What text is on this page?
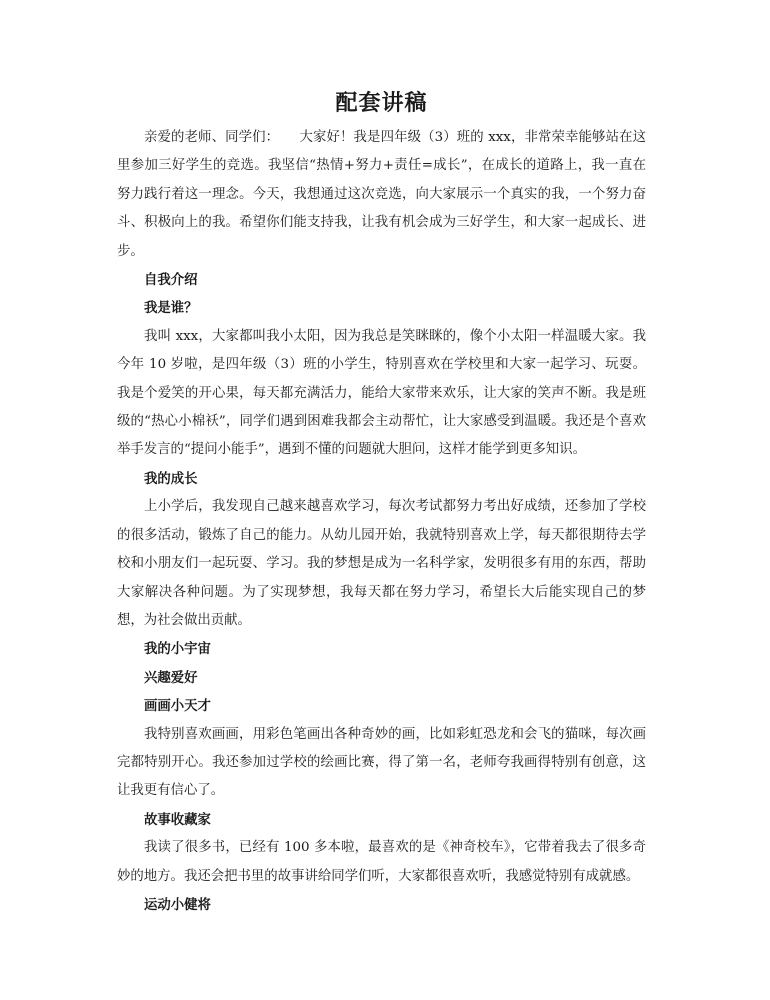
配套讲稿

亲爱的老师、同学们：　　大家好！我是四年级（3）班的 xxx，非常荣幸能够站在这里参加三好学生的竞选。我坚信“热情+努力+责任=成长”，在成长的道路上，我一直在努力践行着这一理念。今天，我想通过这次竞选，向大家展示一个真实的我，一个努力奋斗、积极向上的我。希望你们能支持我，让我有机会成为三好学生，和大家一起成长、进步。

自我介绍

我是谁？

我叫 xxx，大家都叫我小太阳，因为我总是笑眯眯的，像个小太阳一样温暖大家。我今年 10 岁啦，是四年级（3）班的小学生，特别喜欢在学校里和大家一起学习、玩耍。我是个爱笑的开心果，每天都充满活力，能给大家带来欢乐，让大家的笑声不断。我是班级的“热心小棉袄”，同学们遇到困难我都会主动帮忙，让大家感受到温暖。我还是个喜欢举手发言的“提问小能手”，遇到不懂的问题就大胆问，这样才能学到更多知识。

我的成长

上小学后，我发现自己越来越喜欢学习，每次考试都努力考出好成绩，还参加了学校的很多活动，锻炼了自己的能力。从幼儿园开始，我就特别喜欢上学，每天都很期待去学校和小朋友们一起玩耍、学习。我的梦想是成为一名科学家，发明很多有用的东西，帮助大家解决各种问题。为了实现梦想，我每天都在努力学习，希望长大后能实现自己的梦想，为社会做出贡献。

我的小宇宙

兴趣爱好

画画小天才

我特别喜欢画画，用彩色笔画出各种奇妙的画，比如彩虹恐龙和会飞的猫咪，每次画完都特别开心。我还参加过学校的绘画比赛，得了第一名，老师夸我画得特别有创意，这让我更有信心了。

故事收藏家

我读了很多书，已经有 100 多本啦，最喜欢的是《神奇校车》，它带着我去了很多奇妙的地方。我还会把书里的故事讲给同学们听，大家都很喜欢听，我感觉特别有成就感。

运动小健将
